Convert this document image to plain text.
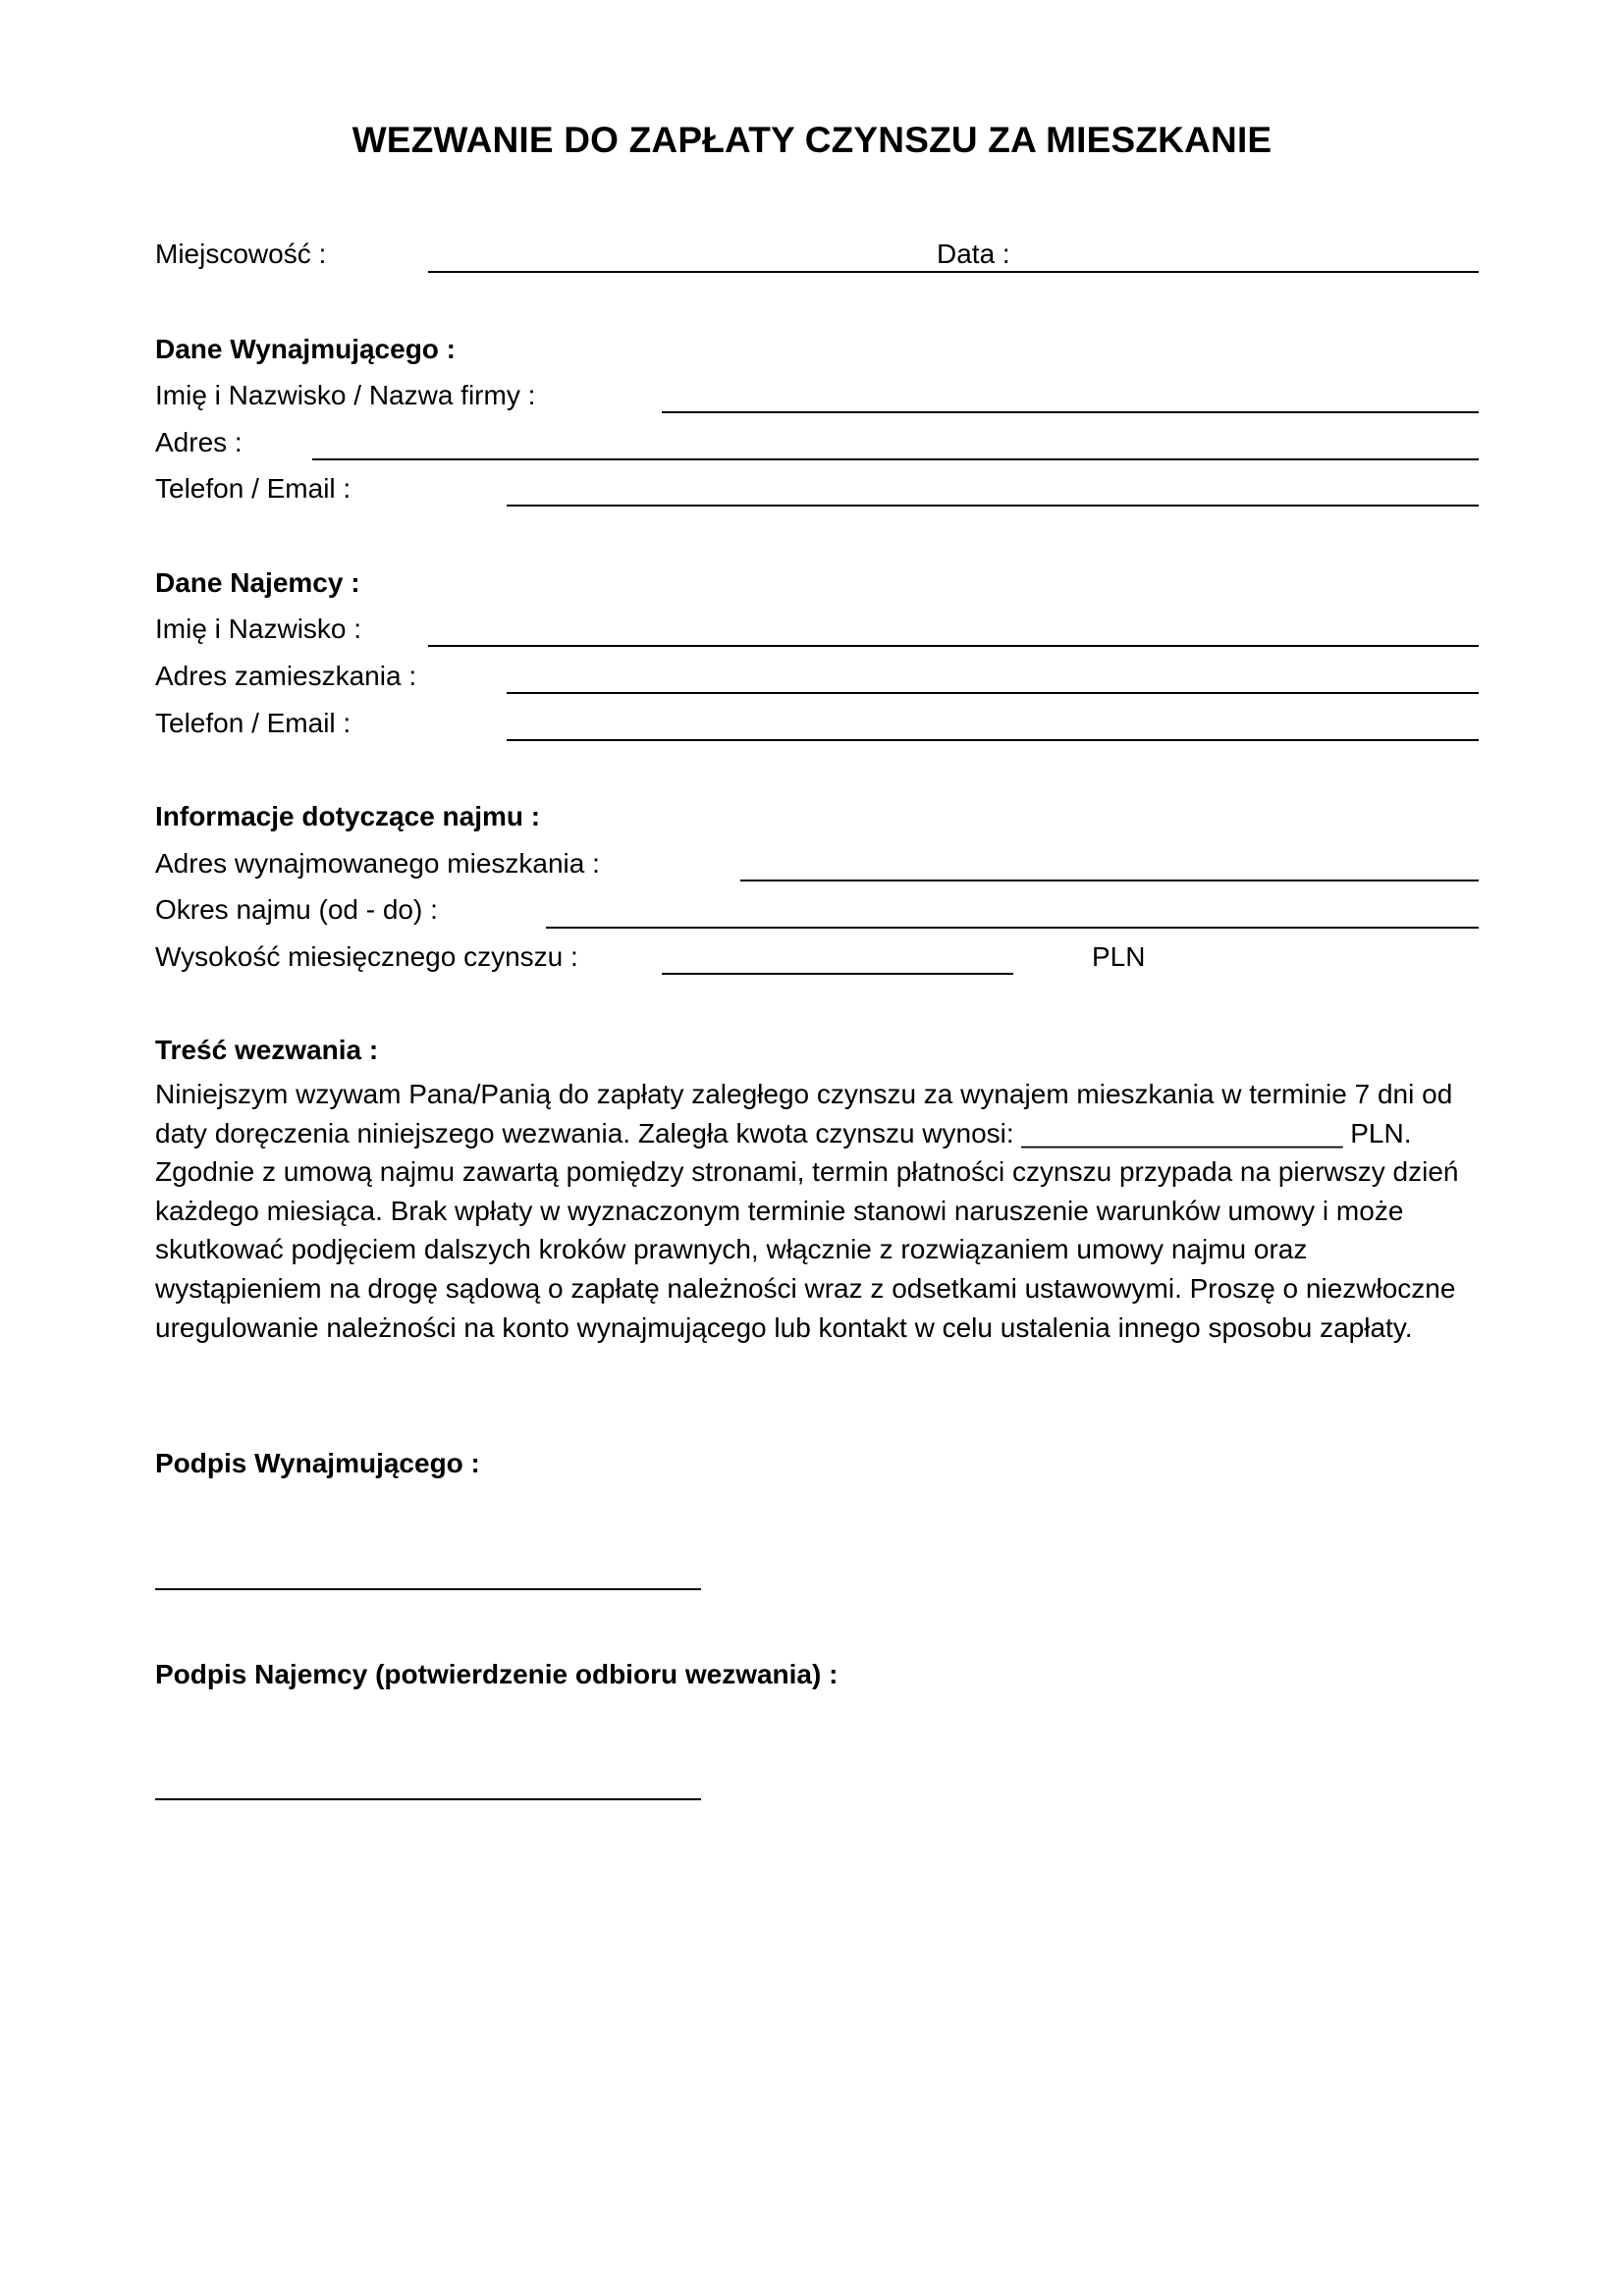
WEZWANIE DO ZAPŁATY CZYNSZU ZA MIESZKANIE
Miejscowość :	Data :
Dane Wynajmującego :
Imię i Nazwisko / Nazwa firmy :
Adres :
Telefon / Email :
Dane Najemcy :
Imię i Nazwisko :
Adres zamieszkania :
Telefon / Email :
Informacje dotyczące najmu :
Adres wynajmowanego mieszkania :
Okres najmu (od - do) :
Wysokość miesięcznego czynszu :	PLN
Treść wezwania :

Niniejszym wzywam Pana/Panią do zapłaty zaległego czynszu za wynajem mieszkania w terminie 7 dni od

daty doręczenia niniejszego wezwania. Zaległa kwota czynszu wynosi: _____________________ PLN.

Zgodnie z umową najmu zawartą pomiędzy stronami, termin płatności czynszu przypada na pierwszy dzień

każdego miesiąca. Brak wpłaty w wyznaczonym terminie stanowi naruszenie warunków umowy i może

skutkować podjęciem dalszych kroków prawnych, włącznie z rozwiązaniem umowy najmu oraz

wystąpieniem na drogę sądową o zapłatę należności wraz z odsetkami ustawowymi. Proszę o niezwłoczne

uregulowanie należności na konto wynajmującego lub kontakt w celu ustalenia innego sposobu zapłaty.

Podpis Wynajmującego :
Podpis Najemcy (potwierdzenie odbioru wezwania) :
